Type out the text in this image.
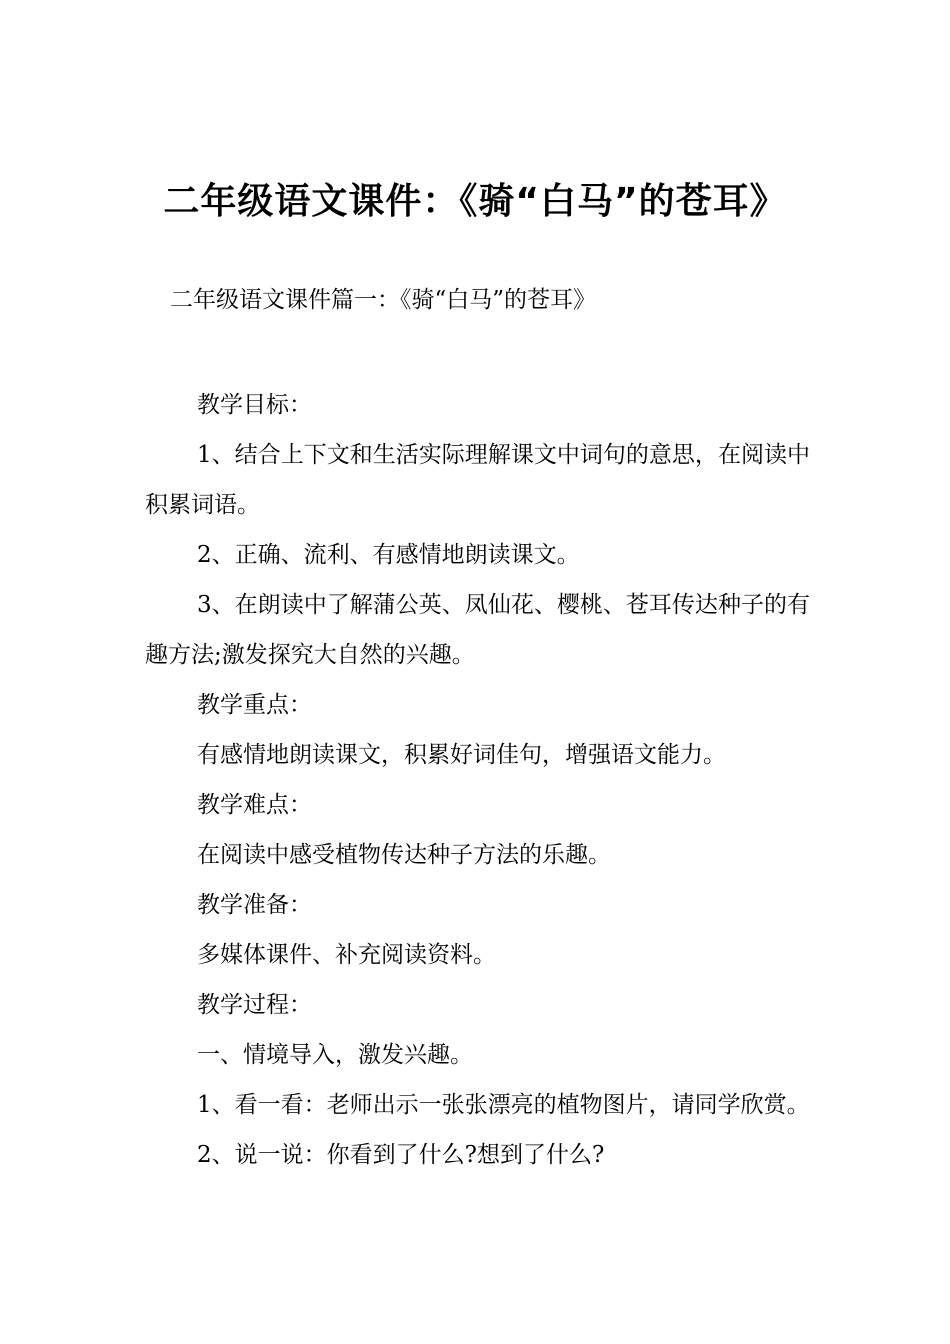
二年级语文课件：《骑“白马”的苍耳》

二年级语文课件篇一：《骑“白马”的苍耳》

教学目标：

1、结合上下文和生活实际理解课文中词句的意思，在阅读中积累词语。

2、正确、流利、有感情地朗读课文。

3、在朗读中了解蒲公英、凤仙花、樱桃、苍耳传达种子的有趣方法;激发探究大自然的兴趣。

教学重点：

有感情地朗读课文，积累好词佳句，增强语文能力。

教学难点：

在阅读中感受植物传达种子方法的乐趣。

教学准备：

多媒体课件、补充阅读资料。

教学过程：

一、情境导入，激发兴趣。

1、看一看：老师出示一张张漂亮的植物图片，请同学欣赏。

2、说一说：你看到了什么?想到了什么?
